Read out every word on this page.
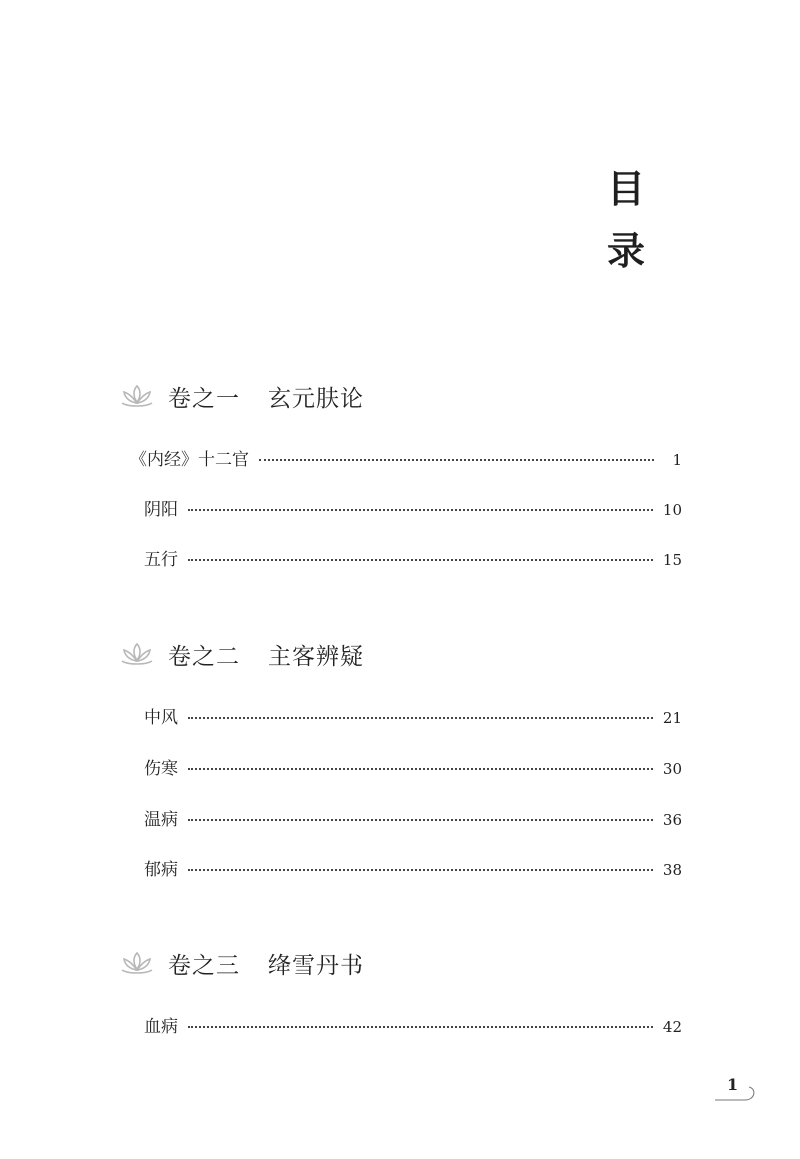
目
录
卷之一 玄元肤论
《内经》十二官	1
阴阳	10
五行	15
卷之二 主客辨疑
中风	21
伤寒	30
温病	36
郁病	38
卷之三 绛雪丹书
血病	42
1
